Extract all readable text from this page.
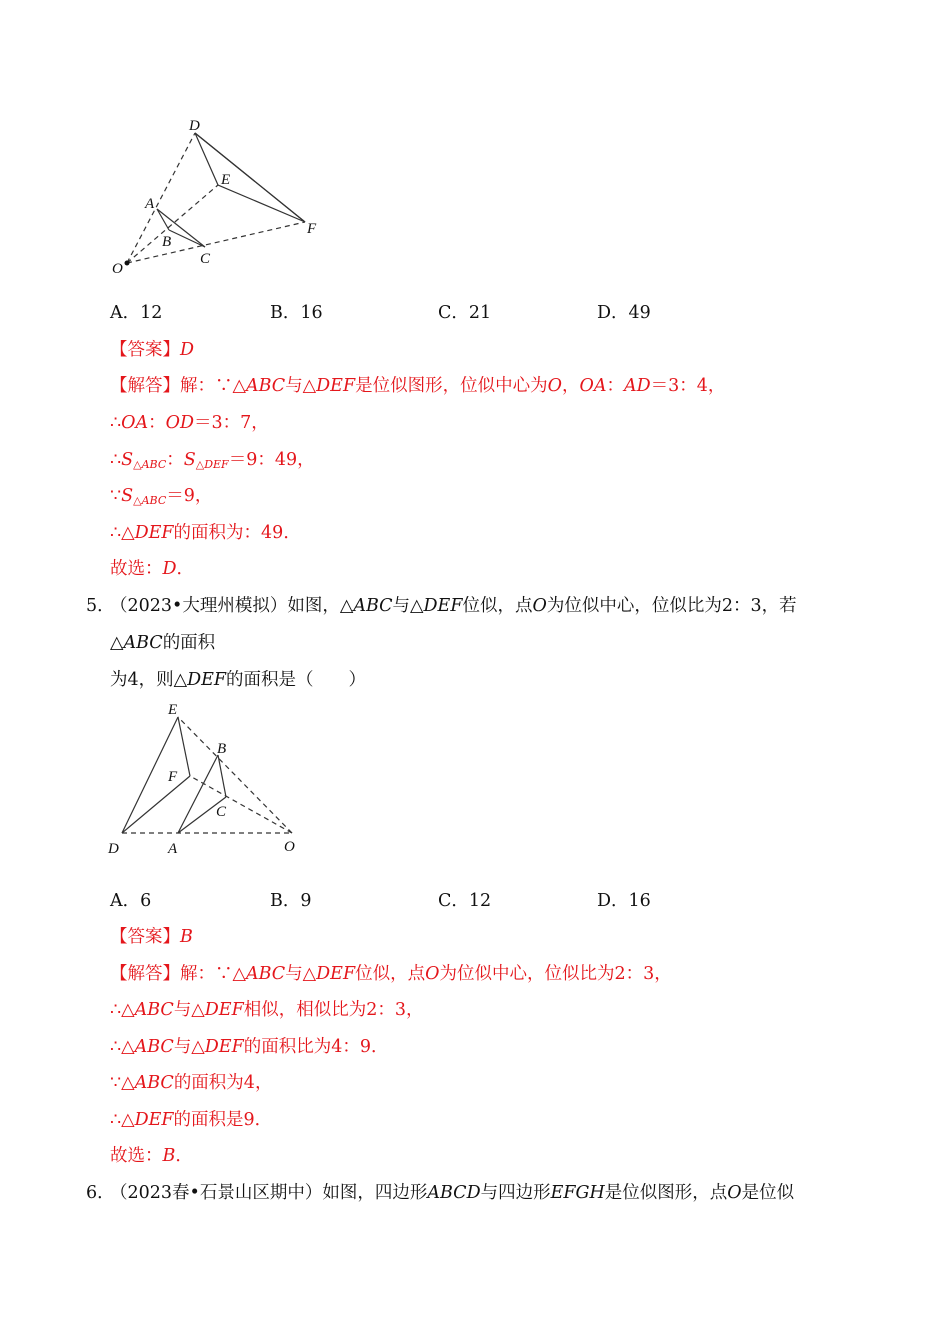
D
E
A
B
C
F
O
A．12	B．16	C．21	D．49
【答案】D
【解答】解：∵△ABC与△DEF是位似图形，位似中心为O，OA：AD＝3：4，
∴OA：OD＝3：7，
$\therefore S_{\triangle ABC}$：$S_{\triangle DEF}=9$：49，
$\because S_{\triangle ABC}=9$，
∴△DEF的面积为：49．
故选：D．
5．
（2023•大理州模拟）如图，△ABC与△DEF位似，点O为位似中心，位似比为2：3，若
△ABC的面积
为4，则△DEF的面积是（　　）
E
B
F
C
D	A	O
A．6	B．9	C．12	D．16
【答案】B
【解答】解：∵△ABC与△DEF位似，点O为位似中心，位似比为2：3，
∴△ABC与△DEF相似，相似比为2：3，
∴△ABC与△DEF的面积比为4：9．
∵△ABC的面积为4，
∴△DEF的面积是9．
故选：B．
6．
（2023春•石景山区期中）如图，四边形ABCD与四边形EFGH是位似图形，点O是位似
